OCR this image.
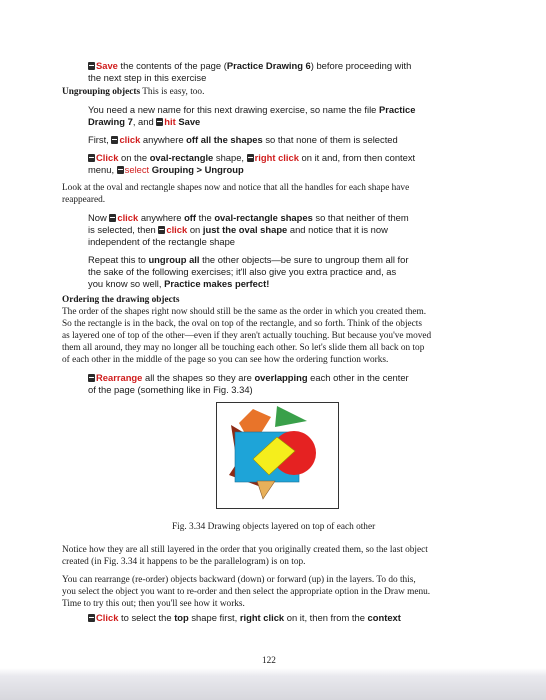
Save the contents of the page (Practice Drawing 6) before proceeding with
the next step in this exercise
Ungrouping objects This is easy, too.
You need a new name for this next drawing exercise, so name the file Practice
Drawing 7, and hit Save
First, click anywhere off all the shapes so that none of them is selected
Click on the oval-rectangle shape, right click on it and, from then context
menu, select Grouping > Ungroup
Look at the oval and rectangle shapes now and notice that all the handles for each shape have
reappeared.
Now click anywhere off the oval-rectangle shapes so that neither of them
is selected, then click on just the oval shape and notice that it is now
independent of the rectangle shape
Repeat this to ungroup all the other objects—be sure to ungroup them all for
the sake of the following exercises; it'll also give you extra practice and, as
you know so well, Practice makes perfect!
Ordering the drawing objects
The order of the shapes right now should still be the same as the order in which you created them.
So the rectangle is in the back, the oval on top of the rectangle, and so forth. Think of the objects
as layered one of top of the other—even if they aren't actually touching. But because you've moved
them all around, they may no longer all be touching each other. So let's slide them all back on top
of each other in the middle of the page so you can see how the ordering function works.
Rearrange all the shapes so they are overlapping each other in the center
of the page (something like in Fig. 3.34)
Fig. 3.34 Drawing objects layered on top of each other
Notice how they are all still layered in the order that you originally created them, so the last object
created (in Fig. 3.34 it happens to be the parallelogram) is on top.
You can rearrange (re-order) objects backward (down) or forward (up) in the layers. To do this,
you select the object you want to re-order and then select the appropriate option in the Draw menu.
Time to try this out; then you'll see how it works.
Click to select the top shape first, right click on it, then from the context
122
